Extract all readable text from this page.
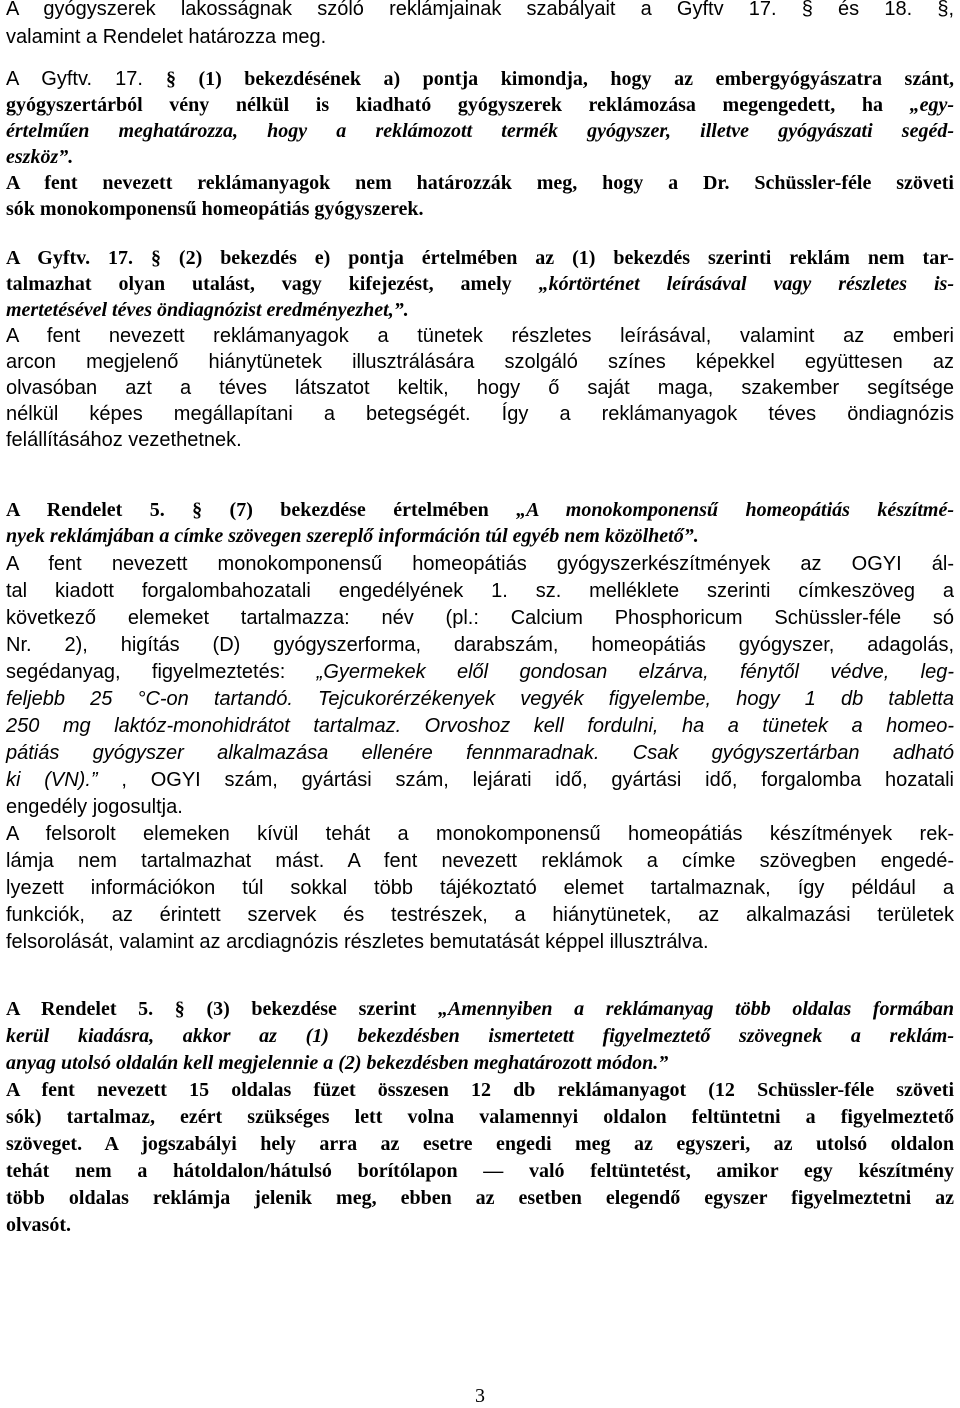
3
A gyógyszerek lakosságnak szóló reklámjainak szabályait a Gyftv 17. § és 18. §,
valamint a Rendelet határozza meg.
A Gyftv. 17. § (1) bekezdésének a) pontja kimondja, hogy az embergyógyászatra szánt,
gyógyszertárból vény nélkül is kiadható gyógyszerek reklámozása megengedett, ha „egy-
értelműen meghatározza, hogy a reklámozott termék gyógyszer, illetve gyógyászati segéd-
eszköz”.
A fent nevezett reklámanyagok nem határozzák meg, hogy a Dr. Schüssler-féle szöveti
sók monokomponensű homeopátiás gyógyszerek.
A Gyftv. 17. § (2) bekezdés e) pontja értelmében az (1) bekezdés szerinti reklám nem tar-
talmazhat olyan utalást, vagy kifejezést, amely „kórtörténet leírásával vagy részletes is-
mertetésével téves öndiagnózist eredményezhet,”.
A fent nevezett reklámanyagok a tünetek részletes leírásával, valamint az emberi
arcon megjelenő hiánytünetek illusztrálására szolgáló színes képekkel együttesen az
olvasóban azt a téves látszatot keltik, hogy ő saját maga, szakember segítsége
nélkül képes megállapítani a betegségét. Így a reklámanyagok téves öndiagnózis
felállításához vezethetnek.
A Rendelet 5. § (7) bekezdése értelmében „A monokomponensű homeopátiás készítmé-
nyek reklámjában a címke szövegen szereplő információn túl egyéb nem közölhető”.
A fent nevezett monokomponensű homeopátiás gyógyszerkészítmények az OGYI ál-
tal kiadott forgalombahozatali engedélyének 1. sz. melléklete szerinti címkeszöveg a
következő elemeket tartalmazza: név (pl.: Calcium Phosphoricum Schüssler-féle só
Nr. 2), higítás (D) gyógyszerforma, darabszám, homeopátiás gyógyszer, adagolás,
segédanyag, figyelmeztetés: „Gyermekek elől gondosan elzárva, fénytől védve, leg-
feljebb 25 °C-on tartandó. Tejcukorérzékenyek vegyék figyelembe, hogy 1 db tabletta
250 mg laktóz-monohidrátot tartalmaz. Orvoshoz kell fordulni, ha a tünetek a homeo-
pátiás gyógyszer alkalmazása ellenére fennmaradnak. Csak gyógyszertárban adható
ki (VN).” , OGYI szám, gyártási szám, lejárati idő, gyártási idő, forgalomba hozatali
engedély jogosultja.
A felsorolt elemeken kívül tehát a monokomponensű homeopátiás készítmények rek-
lámja nem tartalmazhat mást. A fent nevezett reklámok a címke szövegben engedé-
lyezett információkon túl sokkal több tájékoztató elemet tartalmaznak, így például a
funkciók, az érintett szervek és testrészek, a hiánytünetek, az alkalmazási területek
felsorolását, valamint az arcdiagnózis részletes bemutatását képpel illusztrálva.
A Rendelet 5. § (3) bekezdése szerint „Amennyiben a reklámanyag több oldalas formában
kerül kiadásra, akkor az (1) bekezdésben ismertetett figyelmeztető szövegnek a reklám-
anyag utolsó oldalán kell megjelennie a (2) bekezdésben meghatározott módon.”
A fent nevezett 15 oldalas füzet összesen 12 db reklámanyagot (12 Schüssler-féle szöveti
sók) tartalmaz, ezért szükséges lett volna valamennyi oldalon feltüntetni a figyelmeztető
szöveget. A jogszabályi hely arra az esetre engedi meg az egyszeri, az utolsó oldalon
tehát nem a hátoldalon/hátulsó borítólapon — való feltüntetést, amikor egy készítmény
több oldalas reklámja jelenik meg, ebben az esetben elegendő egyszer figyelmeztetni az
olvasót.
